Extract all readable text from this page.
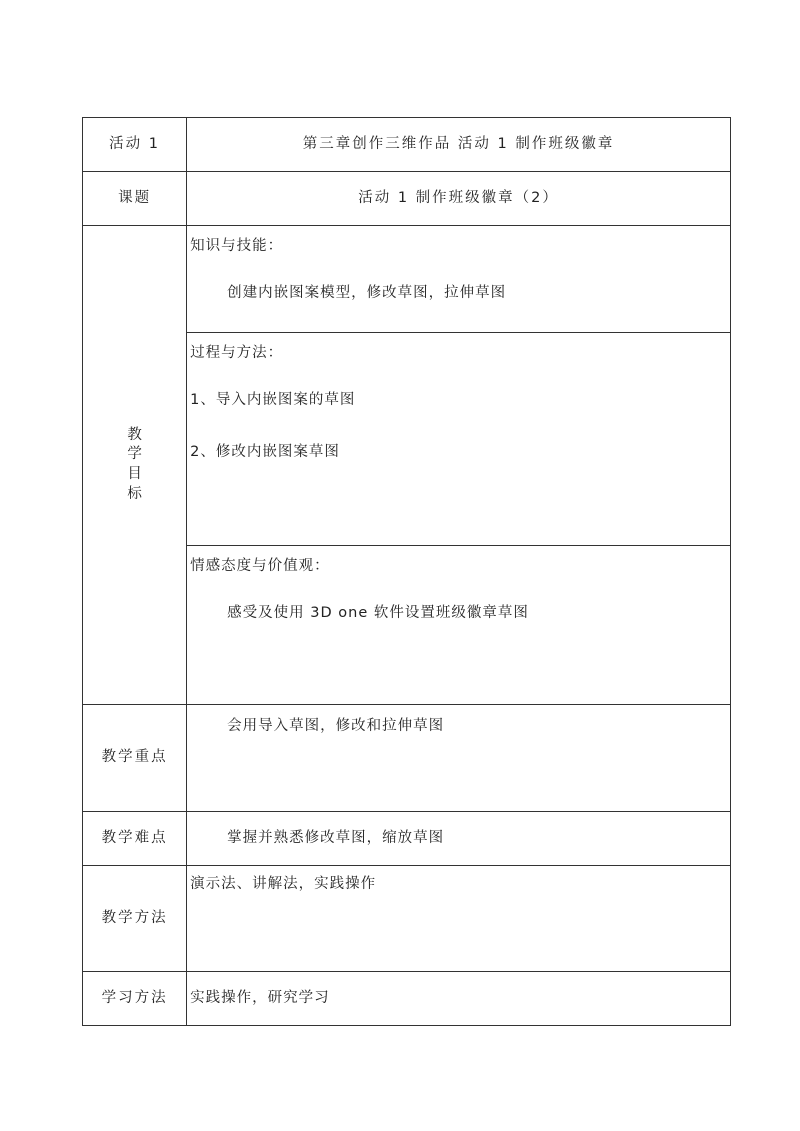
活动 1	第三章创作三维作品 活动 1 制作班级徽章
课题	活动 1 制作班级徽章（2）
教学目标	知识与技能：
创建内嵌图案模型，修改草图，拉伸草图

	过程与方法：
1、导入内嵌图案的草图
2、修改内嵌图案草图

	情感态度与价值观：
感受及使用 3D one 软件设置班级徽章草图

教学重点	会用导入草图，修改和拉伸草图

教学难点	掌握并熟悉修改草图，缩放草图

教学方法	演示法、讲解法，实践操作

学习方法	实践操作，研究学习
